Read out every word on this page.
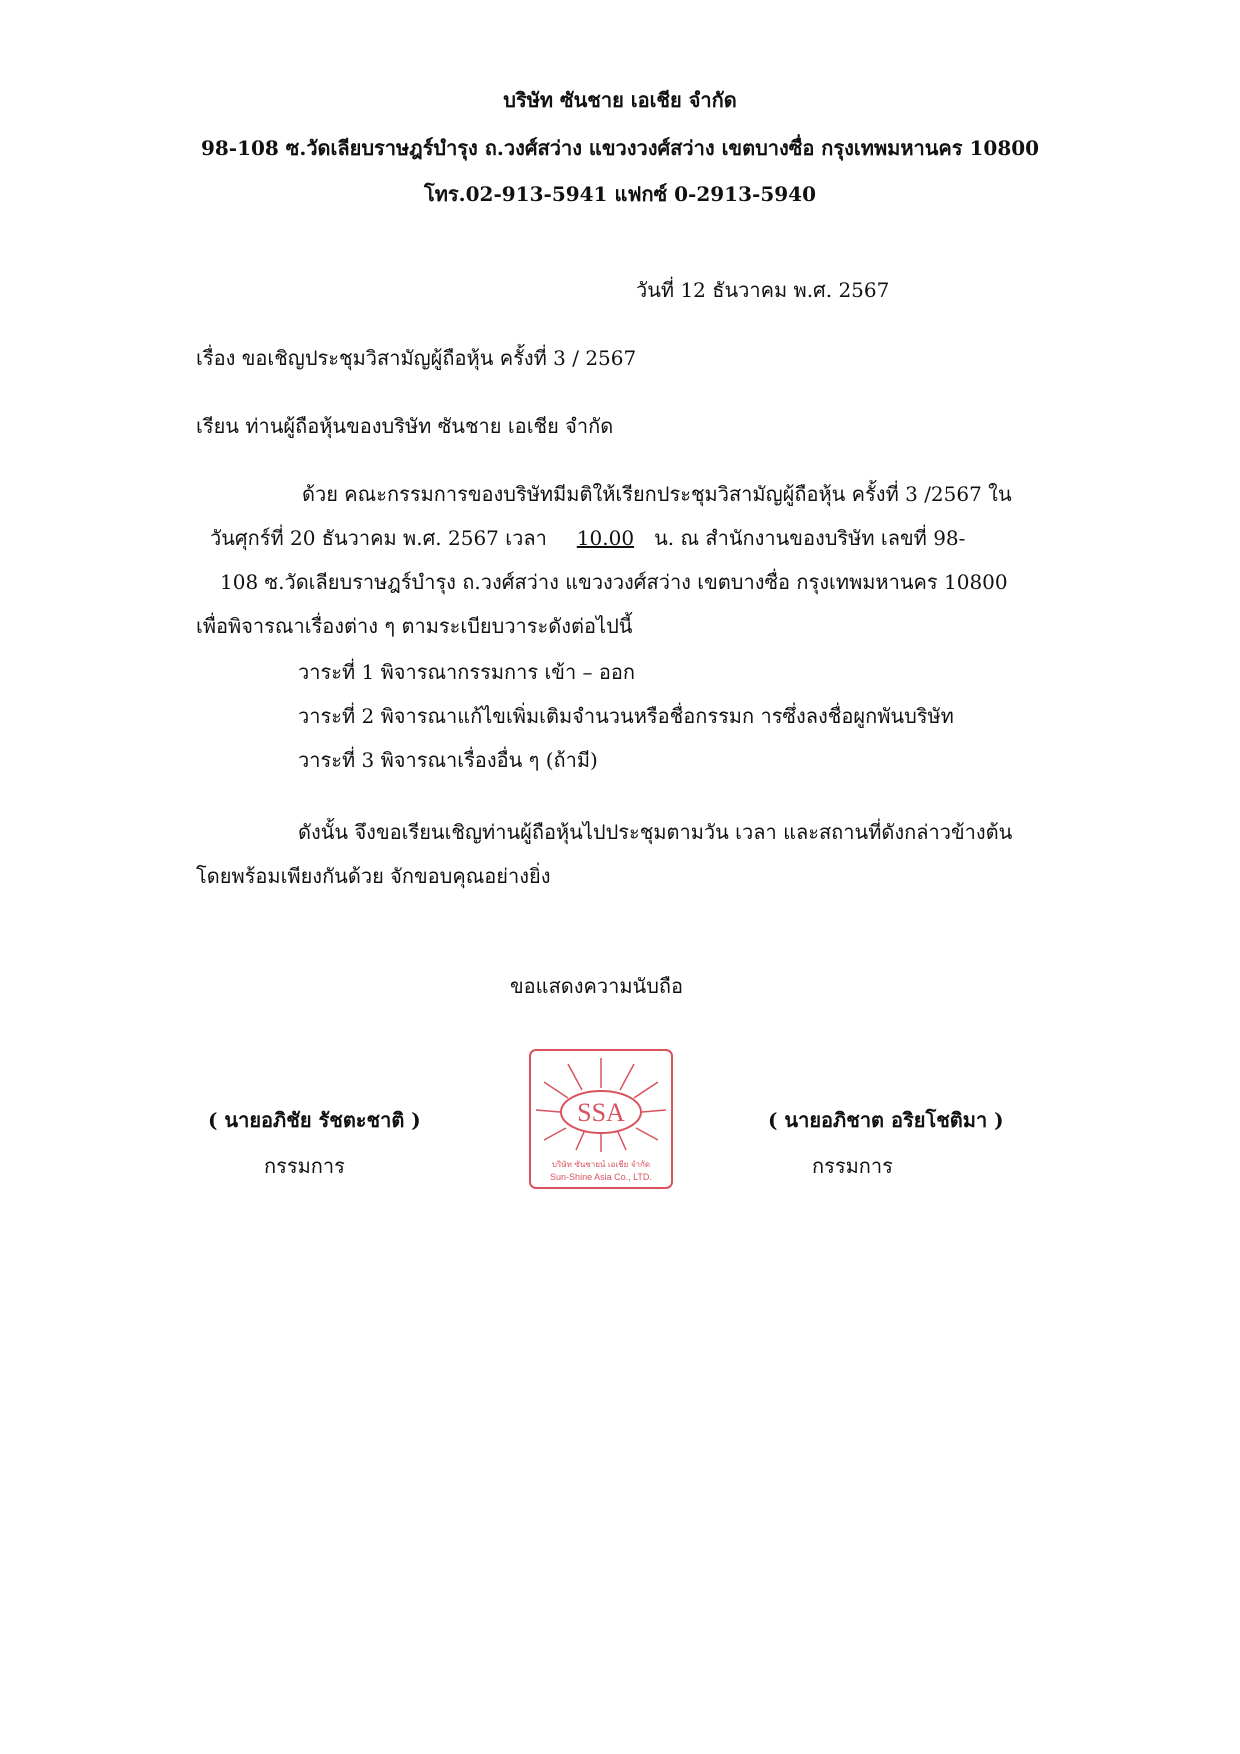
บริษัท ซันชาย เอเชีย จำกัด
98-108 ซ.วัดเลียบราษฎร์บำรุง ถ.วงศ์สว่าง แขวงวงศ์สว่าง เขตบางซื่อ กรุงเทพมหานคร 10800
โทร.02-913-5941 แฟกซ์ 0-2913-5940
วันที่ 12 ธันวาคม พ.ศ. 2567
เรื่อง ขอเชิญประชุมวิสามัญผู้ถือหุ้น ครั้งที่ 3 / 2567
เรียน ท่านผู้ถือหุ้นของบริษัท ซันชาย เอเชีย จำกัด
ด้วย คณะกรรมการของบริษัทมีมติให้เรียกประชุมวิสามัญผู้ถือหุ้น ครั้งที่ 3 /2567 ใน
วันศุกร์ที่ 20 ธันวาคม พ.ศ. 2567 เวลา 10.00 น. ณ สำนักงานของบริษัท เลขที่ 98-
108 ซ.วัดเลียบราษฎร์บำรุง ถ.วงศ์สว่าง แขวงวงศ์สว่าง เขตบางซื่อ กรุงเทพมหานคร 10800
เพื่อพิจารณาเรื่องต่าง ๆ ตามระเบียบวาระดังต่อไปนี้
วาระที่ 1 พิจารณากรรมการ เข้า – ออก
วาระที่ 2 พิจารณาแก้ไขเพิ่มเติมจำนวนหรือชื่อกรรมก ารซึ่งลงชื่อผูกพันบริษัท
วาระที่ 3 พิจารณาเรื่องอื่น ๆ (ถ้ามี)
ดังนั้น จึงขอเรียนเชิญท่านผู้ถือหุ้นไปประชุมตามวัน เวลา และสถานที่ดังกล่าวข้างต้น
โดยพร้อมเพียงกันด้วย จักขอบคุณอย่างยิ่ง
ขอแสดงความนับถือ
( นายอภิชัย รัชตะชาติ )
กรรมการ
( นายอภิชาต อริยโชติมา )
กรรมการ
SSA
บริษัท ซันชายน์ เอเชีย จำกัด
Sun-Shine Asia Co., LTD.
